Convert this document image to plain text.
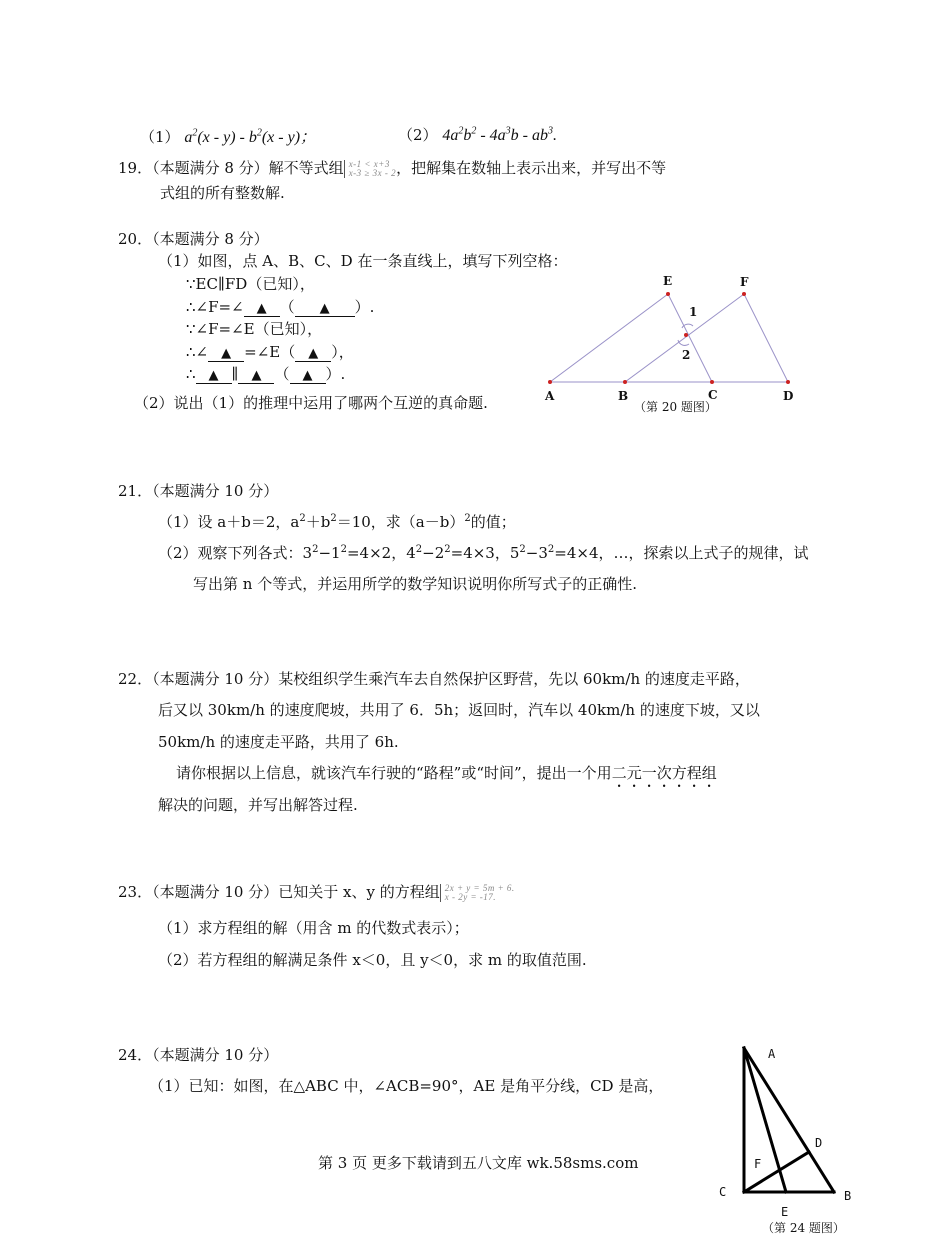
（1） $a^2(x - y) - b^2(x - y)$；	（2） $4a^2b^2 - 4a^3b - ab^3$.
19．（本题满分 8 分）解不等式组 x-1 < x+3
x-3 ≥ 3x - 2，把解集在数轴上表示出来，并写出不等
式组的所有整数解.
20．（本题满分 8 分）
（1）如图，点 A、B、C、D 在一条直线上，填写下列空格：
∵EC∥FD（已知），
∴∠F=∠ ▲ （ ▲ ）.
∵∠F=∠E（已知），
∴∠ ▲ =∠E（ ▲ ），
∴ ▲ ∥ ▲ （ ▲ ）.
（2）说出（1）的推理中运用了哪两个互逆的真命题.	A	B	C	D
E	F
1
2
（第 20 题图）
21．（本题满分 10 分）
（1）设 a＋b＝2，$a^2+b^2=10$，求$(a-b)^2$的值；
（2）观察下列各式：$3^2-1^2=4\times 2$，$4^2-2^2=4\times 3$，$5^2-3^2=4\times 4$，…，探索以上式子的规律，试
写出第 n 个等式，并运用所学的数学知识说明你所写式子的正确性.
22．（本题满分 10 分）某校组织学生乘汽车去自然保护区野营，先以 60km/h 的速度走平路，
后又以 30km/h 的速度爬坡，共用了 6．5h；返回时，汽车以 40km/h 的速度下坡，又以
50km/h 的速度走平路，共用了 6h.
请你根据以上信息，就该汽车行驶的“路程”或“时间”，提出一个用二元一次方程组
解决的问题，并写出解答过程.
23．（本题满分 10 分）已知关于 x、y 的方程组 2x + y = 5m + 6.
x - 2y = -17.
（1）求方程组的解（用含 m 的代数式表示）；
（2）若方程组的解满足条件 x＜0，且 y＜0，求 m 的取值范围.
24．（本题满分 10 分）
（1）已知：如图，在△ABC 中，∠ACB=90°，AE 是角平分线，CD 是高，
A
B
C
D
E
F
（第 24 题图）
第 3 页 更多下载请到五八文库 wk.58sms.com
